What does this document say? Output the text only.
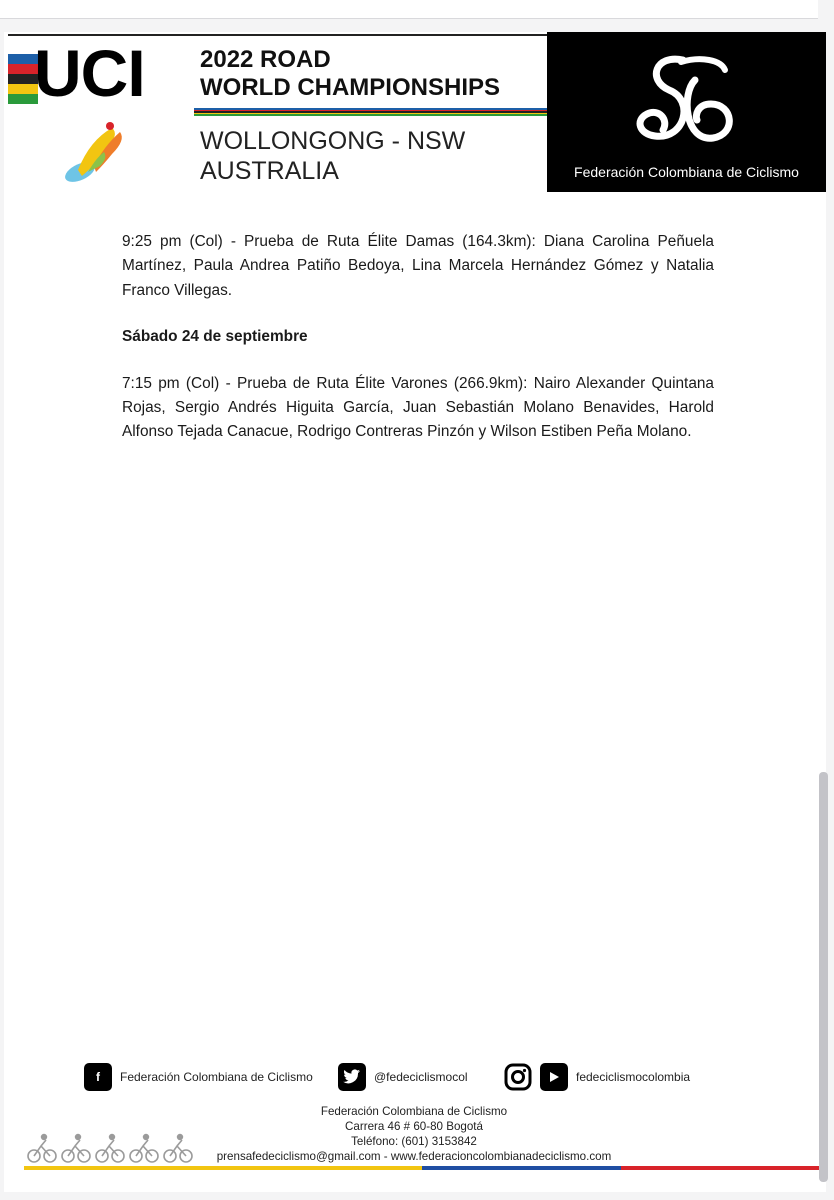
UCI 2022 ROAD
WORLD CHAMPIONSHIPS
WOLLONGONG - NSW
AUSTRALIA	Federación Colombiana de Ciclismo

9:25 pm (Col) - Prueba de Ruta Élite Damas (164.3km): Diana Carolina Peñuela Martínez, Paula Andrea Patiño Bedoya, Lina Marcela Hernández Gómez y Natalia Franco Villegas.

Sábado 24 de septiembre

7:15 pm (Col) - Prueba de Ruta Élite Varones (266.9km): Nairo Alexander Quintana Rojas, Sergio Andrés Higuita García, Juan Sebastián Molano Benavides, Harold Alfonso Tejada Canacue, Rodrigo Contreras Pinzón y Wilson Estiben Peña Molano.

f	Federación Colombiana de Ciclismo	@fedeciclismocol	fedeciclismocolombia
Federación Colombiana de Ciclismo
Carrera 46 # 60-80 Bogotá
Teléfono: (601) 3153842
prensafedeciclismo@gmail.com - www.federacioncolombianadeciclismo.com
